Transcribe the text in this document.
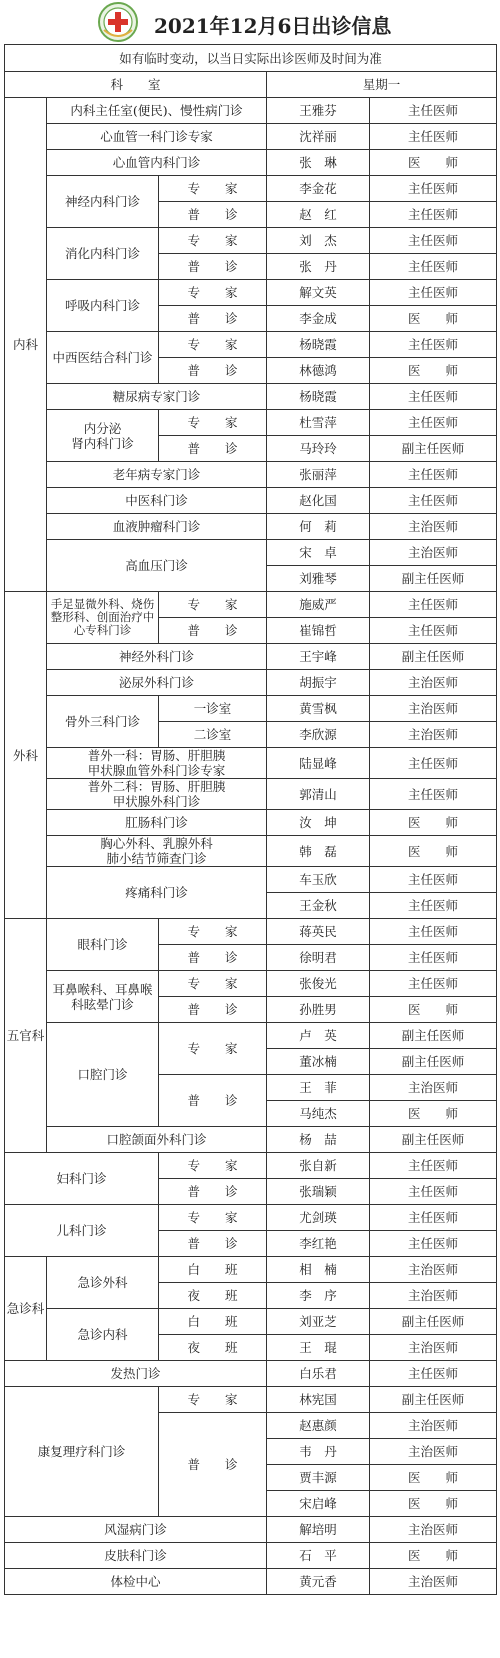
2021年12月6日出诊信息
如有临时变动，以当日实际出诊医师及时间为准				
科　　室			星期一	
内科	内科主任室(便民)、慢性病门诊		王雅芬	主任医师
	心血管一科门诊专家		沈祥丽	主任医师
	心血管内科门诊		张　琳	医　　师
	神经内科门诊	专　　家	李金花	主任医师
		普　　诊	赵　红	主任医师
	消化内科门诊	专　　家	刘　杰	主任医师
		普　　诊	张　丹	主任医师
	呼吸内科门诊	专　　家	解文英	主任医师
		普　　诊	李金成	医　　师
	中西医结合科门诊	专　　家	杨晓霞	主任医师
		普　　诊	林德鸿	医　　师
	糖尿病专家门诊		杨晓霞	主任医师
	内分泌
肾内科门诊	专　　家	杜雪萍	主任医师
		普　　诊	马玲玲	副主任医师
	老年病专家门诊		张丽萍	主任医师
	中医科门诊		赵化国	主任医师
	血液肿瘤科门诊		何　莉	主治医师
	高血压门诊		宋　卓	主治医师
			刘雅琴	副主任医师
外科	手足显微外科、烧伤
整形科、创面治疗中
心专科门诊	专　　家	施威严	主任医师
		普　　诊	崔锦哲	主任医师
	神经外科门诊		王宇峰	副主任医师
	泌尿外科门诊		胡振宇	主治医师
	骨外三科门诊	一诊室	黄雪枫	主治医师
		二诊室	李欣源	主治医师
	普外一科：胃肠、肝胆胰
甲状腺血管外科门诊专家		陆显峰	主任医师
	普外二科：胃肠、肝胆胰
甲状腺外科门诊		郭清山	主任医师
	肛肠科门诊		汝　坤	医　　师
	胸心外科、乳腺外科
肺小结节筛查门诊		韩　磊	医　　师
	疼痛科门诊		车玉欣	主任医师
			王金秋	主任医师
五官科	眼科门诊	专　　家	蒋英民	主任医师
		普　　诊	徐明君	主任医师
	耳鼻喉科、耳鼻喉
科眩晕门诊	专　　家	张俊光	主任医师
		普　　诊	孙胜男	医　　师
	口腔门诊	专　　家	卢　英	副主任医师
			董冰楠	副主任医师
		普　　诊	王　菲	主治医师
			马纯杰	医　　师
	口腔颌面外科门诊		杨　喆	副主任医师
妇科门诊		专　　家	张自新	主任医师
		普　　诊	张瑞颖	主任医师
儿科门诊		专　　家	尤剑瑛	主任医师
		普　　诊	李红艳	主任医师
急诊科	急诊外科	白　　班	相　楠	主治医师
		夜　　班	李　序	主治医师
	急诊内科	白　　班	刘亚芝	副主任医师
		夜　　班	王　琨	主治医师
发热门诊			白乐君	主任医师
康复理疗科门诊		专　　家	林宪国	副主任医师
		普　　诊	赵惠颜	主治医师
			韦　丹	主治医师
			贾丰源	医　　师
			宋启峰	医　　师
风湿病门诊			解培明	主治医师
皮肤科门诊			石　平	医　　师
体检中心			黄元香	主治医师
